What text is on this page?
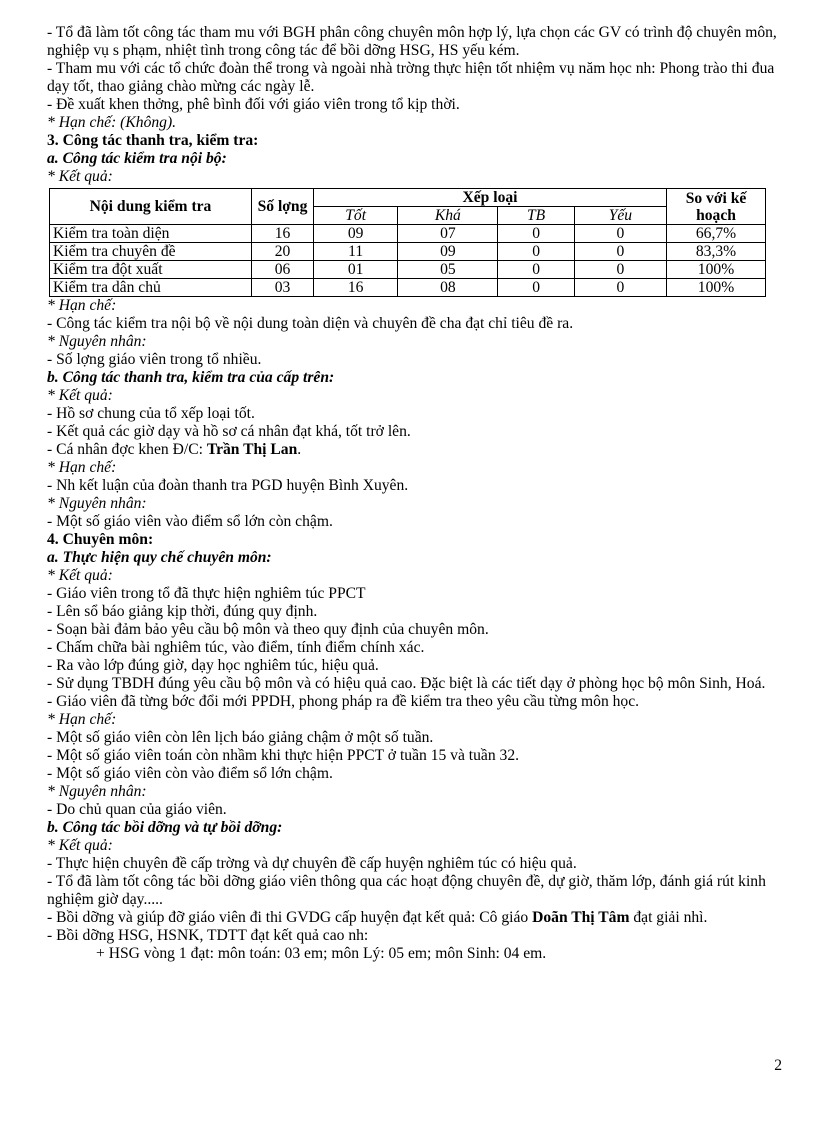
- Tổ đã làm tốt công tác tham mu với BGH phân công chuyên môn hợp lý, lựa chọn các GV có trình độ chuyên môn, nghiệp vụ s phạm, nhiệt tình trong công tác để bồi dỡng HSG, HS yếu kém.

- Tham mu với các tổ chức đoàn thể trong và ngoài nhà trờng thực hiện tốt nhiệm vụ năm học nh: Phong trào thi đua dạy tốt, thao giảng chào mừng các ngày lễ.

- Đề xuất khen thởng, phê bình đối với giáo viên trong tổ kịp thời.

* Hạn chế: (Không).

3. Công tác thanh tra, kiểm tra:

a. Công tác kiểm tra nội bộ:

* Kết quả:

Nội dung kiểm tra	Số lợng	Xếp loại				So với kế hoạch
		Tốt	Khá	TB	Yếu	
Kiểm tra toàn diện	16	09	07	0	0	66,7%
Kiểm tra chuyên đề	20	11	09	0	0	83,3%
Kiểm tra đột xuất	06	01	05	0	0	100%
Kiểm tra dân chủ	03	16	08	0	0	100%

* Hạn chế:

- Công tác kiểm tra nội bộ về nội dung toàn diện và chuyên đề cha đạt chỉ tiêu đề ra.

* Nguyên nhân:

- Số lợng giáo viên trong tổ nhiều.

b. Công tác thanh tra, kiểm tra của cấp trên:

* Kết quả:

- Hồ sơ chung của tổ xếp loại tốt.

- Kết quả các giờ dạy và hồ sơ cá nhân đạt khá, tốt trở lên.

- Cá nhân đợc khen Đ/C: Trần Thị Lan.

* Hạn chế:

- Nh kết luận của đoàn thanh tra PGD huyện Bình Xuyên.

* Nguyên nhân:

- Một số giáo viên vào điểm sổ lớn còn chậm.

4. Chuyên môn:

a. Thực hiện quy chế chuyên môn:

* Kết quả:

- Giáo viên trong tổ đã thực hiện nghiêm túc PPCT

- Lên sổ báo giảng kịp thời, đúng quy định.

- Soạn bài đảm bảo yêu cầu bộ môn và theo quy định của chuyên môn.

- Chấm chữa bài nghiêm túc, vào điểm, tính điểm chính xác.

- Ra vào lớp đúng giờ, dạy học nghiêm túc, hiệu quả.

- Sử dụng TBDH đúng yêu cầu bộ môn và có hiệu quả cao. Đặc biệt là các tiết dạy ở phòng học bộ môn Sinh, Hoá.

- Giáo viên đã từng bớc đổi mới PPDH, phong pháp ra đề kiểm tra theo yêu cầu từng môn học.

* Hạn chế:

- Một số giáo viên còn lên lịch báo giảng chậm ở một số tuần.

- Một số giáo viên toán còn nhầm khi thực hiện PPCT ở tuần 15 và tuần 32.

- Một số giáo viên còn vào điểm sổ lớn chậm.

* Nguyên nhân:

- Do chủ quan của giáo viên.

b. Công tác bồi dỡng và tự bồi dỡng:

* Kết quả:

- Thực hiện chuyên đề cấp trờng và dự chuyên đề cấp huyện nghiêm túc có hiệu quả.

- Tổ đã làm tốt công tác bồi dỡng giáo viên thông qua các hoạt động chuyên đề, dự giờ, thăm lớp, đánh giá rút kinh nghiệm giờ dạy.....

- Bồi dỡng và giúp đỡ giáo viên đi thi GVDG cấp huyện đạt kết quả: Cô giáo Doãn Thị Tâm đạt giải nhì.

- Bồi dỡng HSG, HSNK, TDTT đạt kết quả cao nh:

+ HSG vòng 1 đạt: môn toán: 03 em; môn Lý: 05 em; môn Sinh: 04 em.

2
